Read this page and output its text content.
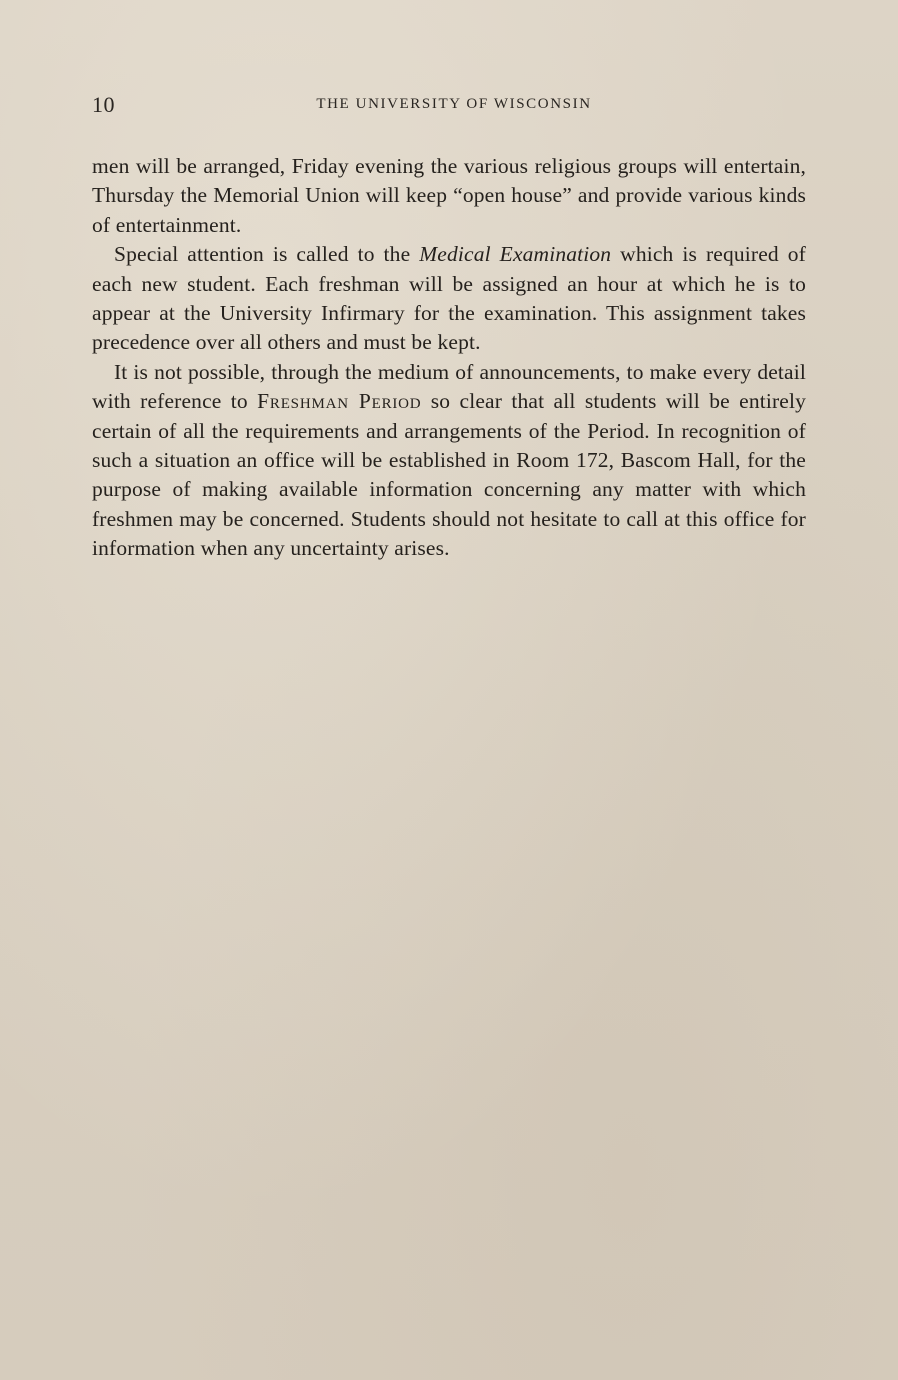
10	THE UNIVERSITY OF WISCONSIN

men will be arranged, Friday evening the various religious groups will entertain, Thursday the Memorial Union will keep “open house” and provide various kinds of entertainment.

Special attention is called to the Medical Examination which is required of each new student. Each freshman will be assigned an hour at which he is to appear at the University Infirmary for the examination. This assignment takes precedence over all others and must be kept.

It is not possible, through the medium of announcements, to make every detail with reference to Freshman Period so clear that all students will be entirely certain of all the requirements and arrangements of the Period. In recognition of such a situation an office will be established in Room 172, Bascom Hall, for the purpose of making available information concerning any matter with which freshmen may be concerned. Students should not hesitate to call at this office for information when any uncertainty arises.
